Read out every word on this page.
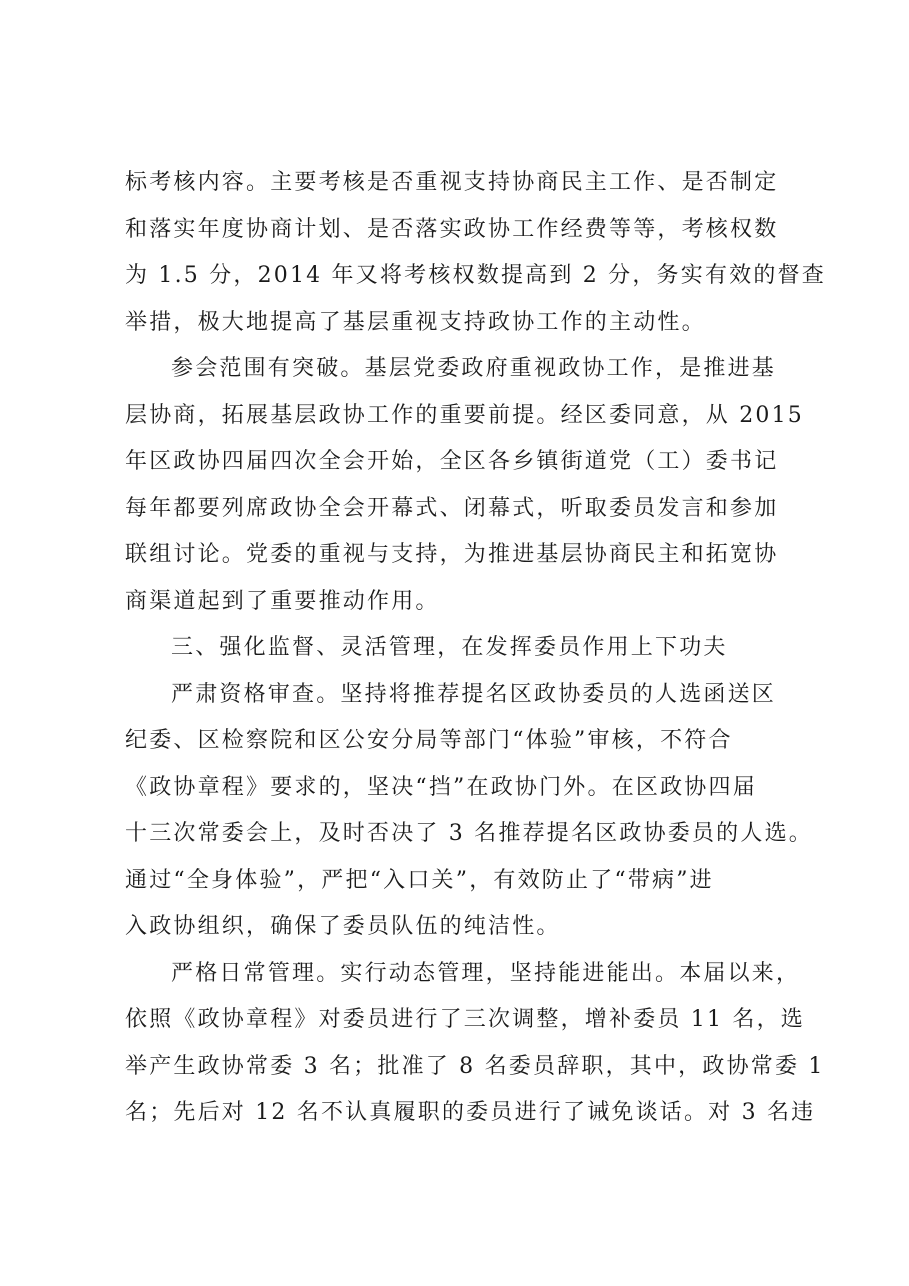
标考核内容。主要考核是否重视支持协商民主工作、是否制定
和落实年度协商计划、是否落实政协工作经费等等，考核权数
为 1.5 分，2014 年又将考核权数提高到 2 分，务实有效的督查
举措，极大地提高了基层重视支持政协工作的主动性。
参会范围有突破。基层党委政府重视政协工作，是推进基
层协商，拓展基层政协工作的重要前提。经区委同意，从 2015
年区政协四届四次全会开始，全区各乡镇街道党（工）委书记
每年都要列席政协全会开幕式、闭幕式，听取委员发言和参加
联组讨论。党委的重视与支持，为推进基层协商民主和拓宽协
商渠道起到了重要推动作用。
三、强化监督、灵活管理，在发挥委员作用上下功夫
严肃资格审查。坚持将推荐提名区政协委员的人选函送区
纪委、区检察院和区公安分局等部门“体验”审核，不符合
《政协章程》要求的，坚决“挡”在政协门外。在区政协四届
十三次常委会上，及时否决了 3 名推荐提名区政协委员的人选。
通过“全身体验”，严把“入口关”，有效防止了“带病”进
入政协组织，确保了委员队伍的纯洁性。
严格日常管理。实行动态管理，坚持能进能出。本届以来，
依照《政协章程》对委员进行了三次调整，增补委员 11 名，选
举产生政协常委 3 名；批准了 8 名委员辞职，其中，政协常委 1
名；先后对 12 名不认真履职的委员进行了诫免谈话。对 3 名违
